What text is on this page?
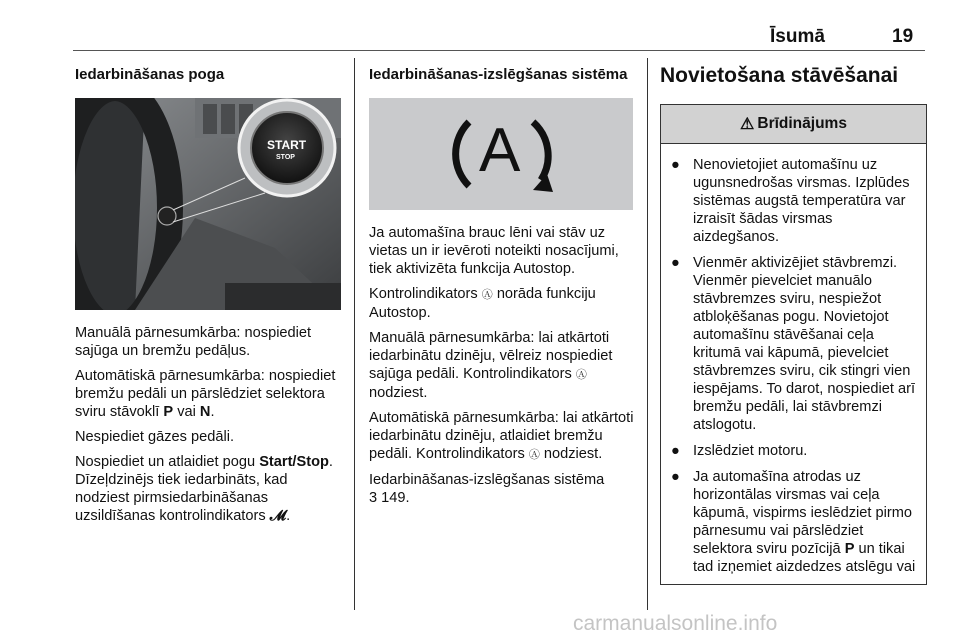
Īsumā	19
Iedarbināšanas poga
START
STOP

Manuālā pārnesumkārba: nospiediet sajūga un bremžu pedāļus.

Automātiskā pārnesumkārba: nospiediet bremžu pedāli un pārslēdziet selektora sviru stāvoklī P vai N.

Nespiediet gāzes pedāli.

Nospiediet un atlaidiet pogu Start/Stop. Dīzeļdzinējs tiek iedarbināts, kad nodziest pirmsiedarbināšanas uzsildīšanas kontrolindikators 𝓜.

Iedarbināšanas-izslēgšanas sistēma
A

Ja automašīna brauc lēni vai stāv uz vietas un ir ievēroti noteikti nosacījumi, tiek aktivizēta funkcija Autostop.

Kontrolindikators Ⓐ norāda funkciju Autostop.

Manuālā pārnesumkārba: lai atkārtoti iedarbinātu dzinēju, vēlreiz nospiediet sajūga pedāli. Kontrolindikators Ⓐ nodziest.

Automātiskā pārnesumkārba: lai atkārtoti iedarbinātu dzinēju, atlaidiet bremžu pedāli. Kontrolindikators Ⓐ nodziest.

Iedarbināšanas-izslēgšanas sistēma
3 149.

Novietošana stāvēšanai
⚠ Brīdinājums
● Nenovietojiet automašīnu uz ugunsnedrošas virsmas. Izplūdes sistēmas augstā temperatūra var izraisīt šādas virsmas aizdegšanos.
● Vienmēr aktivizējiet stāvbremzi. Vienmēr pievelciet manuālo stāvbremzes sviru, nespiežot atbloķēšanas pogu. Novietojot automašīnu stāvēšanai ceļa kritumā vai kāpumā, pievelciet stāvbremzes sviru, cik stingri vien iespējams. To darot, nospiediet arī bremžu pedāli, lai stāvbremzi atslogotu.
● Izslēdziet motoru.
● Ja automašīna atrodas uz horizontālas virsmas vai ceļa kāpumā, vispirms ieslēdziet pirmo pārnesumu vai pārslēdziet selektora sviru pozīcijā P un tikai tad izņemiet aizdedzes atslēgu vai
carmanualsonline.info
